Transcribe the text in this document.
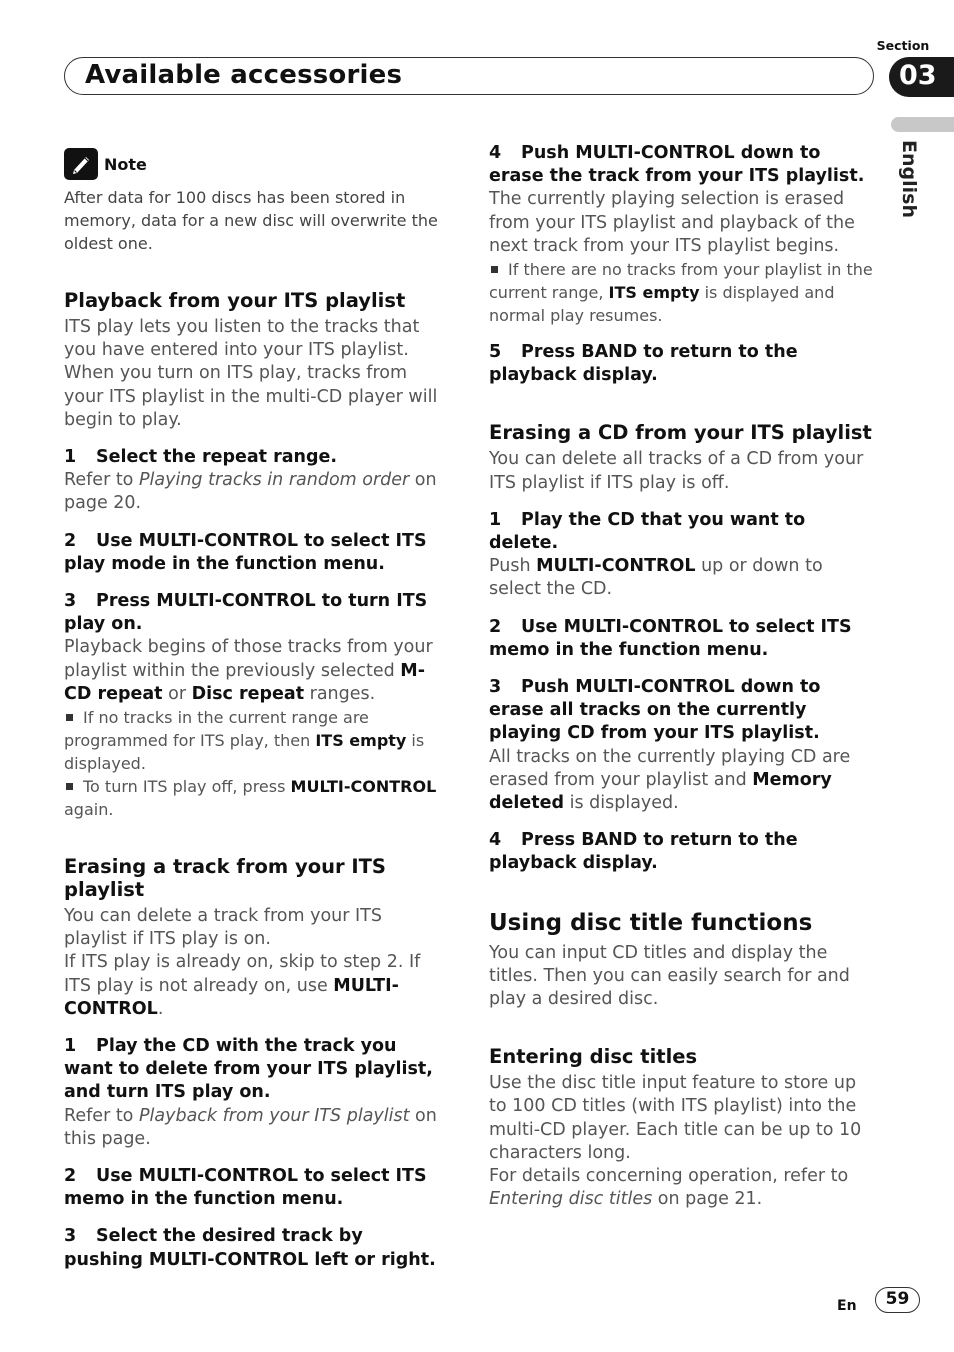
Section
Available accessories	03
English
Note

After data for 100 discs has been stored in memory, data for a new disc will overwrite the oldest one.

Playback from your ITS playlist

ITS play lets you listen to the tracks that you have entered into your ITS playlist. When you turn on ITS play, tracks from your ITS playlist in the multi-CD player will begin to play.

1 Select the repeat range.

Refer to Playing tracks in random order on page 20.

2 Use MULTI-CONTROL to select ITS play mode in the function menu.

3 Press MULTI-CONTROL to turn ITS play on.

Playback begins of those tracks from your playlist within the previously selected M-CD repeat or Disc repeat ranges.

If no tracks in the current range are programmed for ITS play, then ITS empty is displayed.

To turn ITS play off, press MULTI-CONTROL again.

Erasing a track from your ITS playlist

You can delete a track from your ITS playlist if ITS play is on.

If ITS play is already on, skip to step 2. If ITS play is not already on, use MULTI-CONTROL.

1 Play the CD with the track you want to delete from your ITS playlist, and turn ITS play on.

Refer to Playback from your ITS playlist on this page.

2 Use MULTI-CONTROL to select ITS memo in the function menu.

3 Select the desired track by pushing MULTI-CONTROL left or right.

4 Push MULTI-CONTROL down to erase the track from your ITS playlist.

The currently playing selection is erased from your ITS playlist and playback of the next track from your ITS playlist begins.

If there are no tracks from your playlist in the current range, ITS empty is displayed and normal play resumes.

5 Press BAND to return to the playback display.

Erasing a CD from your ITS playlist

You can delete all tracks of a CD from your ITS playlist if ITS play is off.

1 Play the CD that you want to delete.

Push MULTI-CONTROL up or down to select the CD.

2 Use MULTI-CONTROL to select ITS memo in the function menu.

3 Push MULTI-CONTROL down to erase all tracks on the currently playing CD from your ITS playlist.

All tracks on the currently playing CD are erased from your playlist and Memory deleted is displayed.

4 Press BAND to return to the playback display.

Using disc title functions

You can input CD titles and display the titles. Then you can easily search for and play a desired disc.

Entering disc titles

Use the disc title input feature to store up to 100 CD titles (with ITS playlist) into the multi-CD player. Each title can be up to 10 characters long.

For details concerning operation, refer to Entering disc titles on page 21.

En	59
